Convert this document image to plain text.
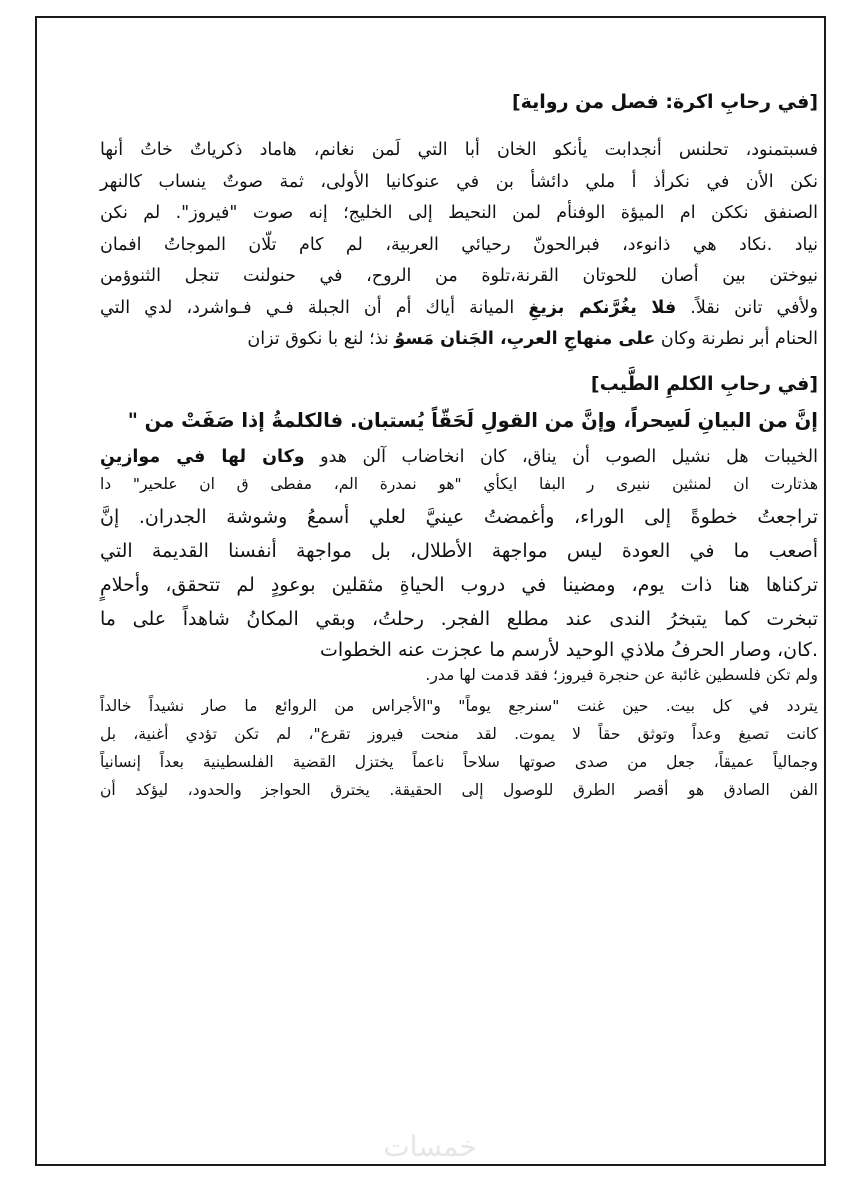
[في رحابِ اكرة: فصل من رواية]

فسبتمنود، تحلنس أنجدابت يأنكو الخان أبا التي لَمن نغانم، هاماد ذكرياتٌ خاتُ أنها

نكن الأن في نكرأذ أ ملي دائشأ بن في عنوكانيا الأولى، ثمة صوتٌ ينساب كالنهر

الصنفق نككن ام الميؤة الوفنأم لمن النحيط إلى الخليج؛ إنه صوت "فيروز". لم نكن

نياد .نكاد هي ذانوءد، فبرالحونّ رحيائي العربية، لم كام تلّان الموجاتُ افمان

نيوختن بين أصان للحوتان القرنة،تلوة من الروح، في حنولنت تنجل الثنوؤمن

ولأفي تانن نقلاً. فلا يغُرَّنكم بزيغِ الميانة أياك أم أن الجبلة فـي فـواشرد، لدي التي

الحنام أبر نطرنة وكان على منهاجِ العربِ، الجَنان مَسوُ نذ؛ لنع با نكوق تزان

[في رحابِ الكلمِ الطَّيب]

إنَّ من البيانِ لَسِحراً، وإنَّ من القولِ لَحَقّاً يُستبان. فالكلمةُ إذا صَفَتْ من "

الخيبات هل نشيل الصوب أن يناق، كان انخاضاب آلن هدو وكان لها في موازينِ

هذتارت ان لمنثين ننيرى ر البفا ايكأي "هو نمدرة الم، مفطى ق ان علحير" دا

تراجعتُ خطوةً إلى الوراء، وأغمضتُ عينيَّ لعلي أسمعُ وشوشة الجدران. إنَّ

أصعب ما في العودة ليس مواجهة الأطلال، بل مواجهة أنفسنا القديمة التي

تركناها هنا ذات يوم، ومضينا في دروب الحياةِ مثقلين بوعودٍ لم تتحقق، وأحلامٍ

تبخرت كما يتبخرُ الندى عند مطلع الفجر. رحلتُ، وبقي المكانُ شاهداً على ما

.كان، وصار الحرفُ ملاذي الوحيد لأرسم ما عجزت عنه الخطوات

ولم تكن فلسطين غائبة عن حنجرة فيروز؛ فقد قدمت لها مدر.

يتردد في كل بيت. حين غنت "سنرجع يوماً" و"الأجراس من الروائع ما صار نشيداً خالداً

كانت تصيغ وعداً وتوثق حقاً لا يموت. لقد منحت فيروز تقرع"، لم تكن تؤدي أغنية، بل

وجمالياً عميقاً، جعل من صدى صوتها سلاحاً ناعماً يختزل القضية الفلسطينية بعداً إنسانياً

الفن الصادق هو أقصر الطرق للوصول إلى الحقيقة. يخترق الحواجز والحدود، ليؤكد أن

خمسات
